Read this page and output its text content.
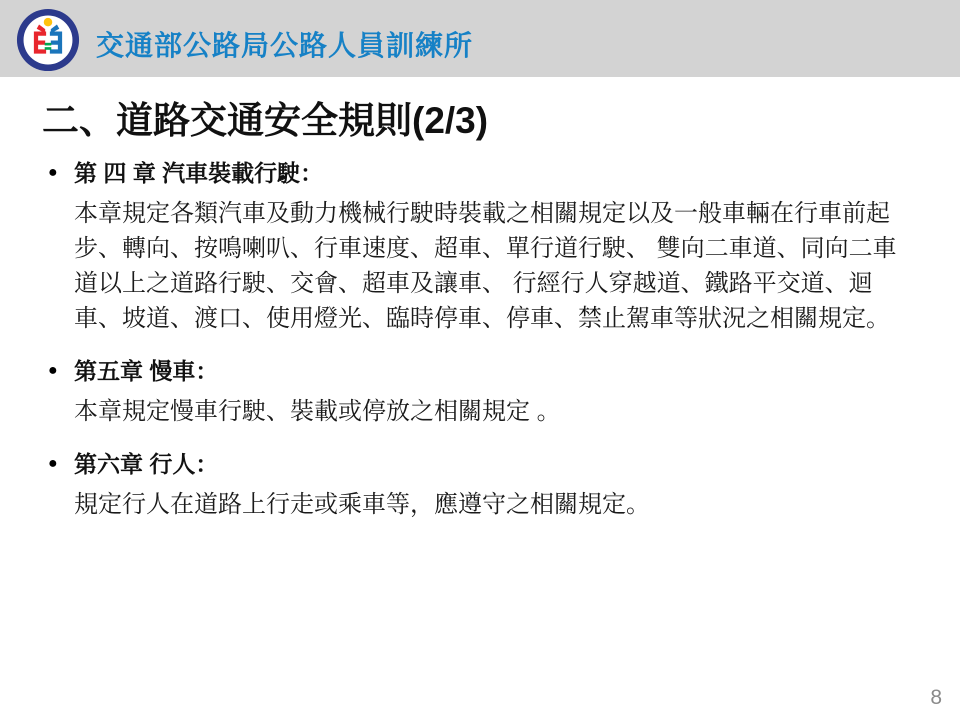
交通部公路局公路人員訓練所
二、道路交通安全規則(2/3)
● 第 四 章 汽車裝載行駛：
本章規定各類汽車及動力機械行駛時裝載之相關規定以及一般車輛在行車前起步、轉向、按鳴喇叭、行車速度、超車、單行道行駛、 雙向二車道、同向二車道以上之道路行駛、交會、超車及讓車、 行經行人穿越道、鐵路平交道、迴車、坡道、渡口、使用燈光、臨時停車、停車、禁止駕車等狀況之相關規定。
● 第五章 慢車：
本章規定慢車行駛、裝載或停放之相關規定 。
● 第六章 行人：
規定行人在道路上行走或乘車等，應遵守之相關規定。
8
